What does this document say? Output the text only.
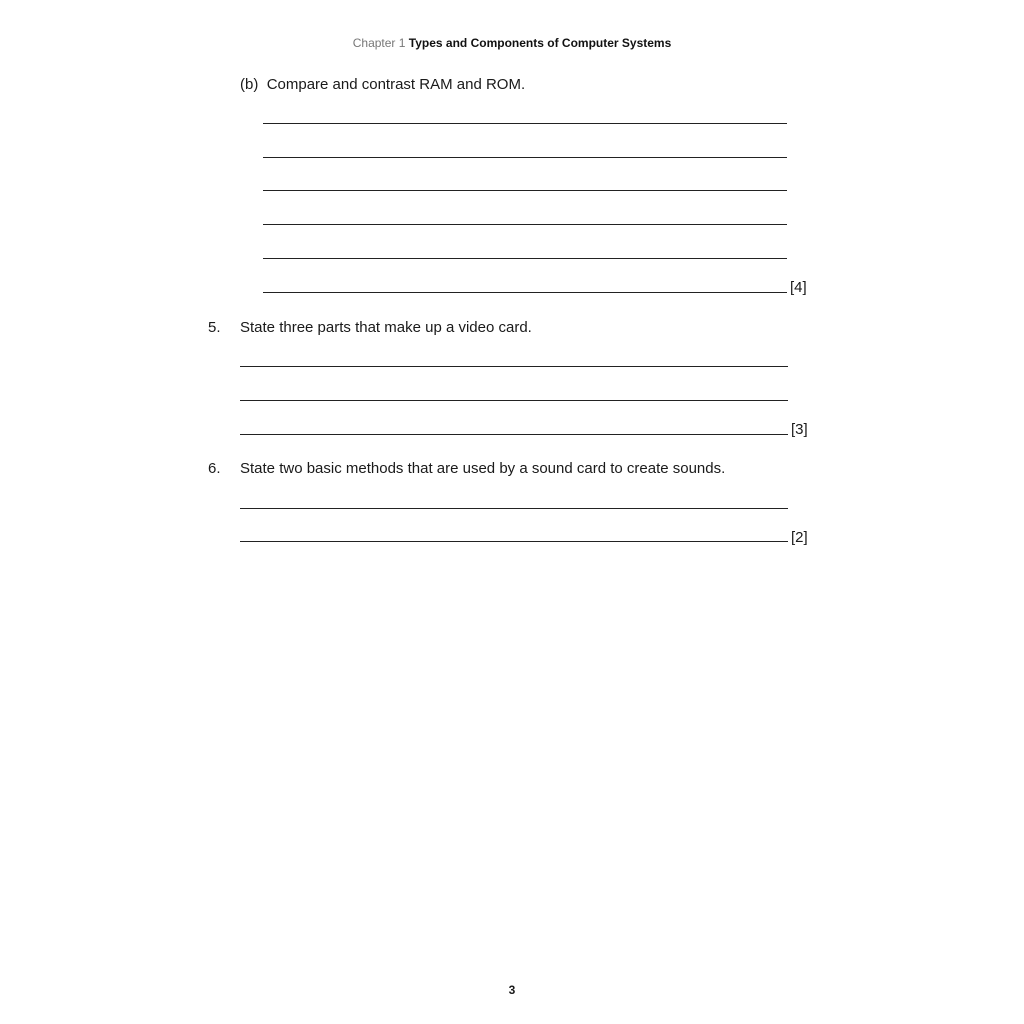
Chapter 1 Types and Components of Computer Systems
(b) Compare and contrast RAM and ROM.
[4]
5. State three parts that make up a video card.
[3]
6. State two basic methods that are used by a sound card to create sounds.
[2]
3
